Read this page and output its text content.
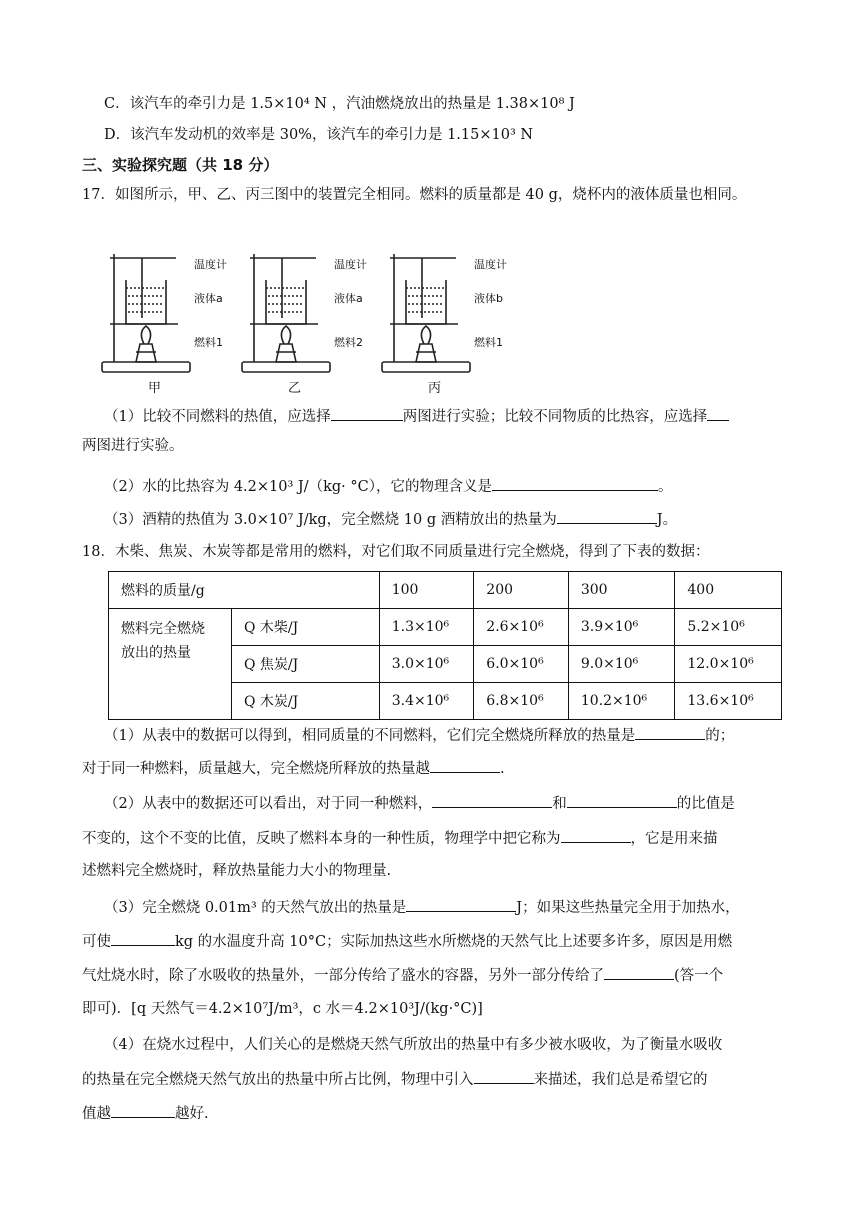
C．该汽车的牵引力是 1.5×10⁴ N ，汽油燃烧放出的热量是 1.38×10⁸ J
D．该汽车发动机的效率是 30%，该汽车的牵引力是 1.15×10³ N
三、实验探究题（共 18 分）
17．如图所示，甲、乙、丙三图中的装置完全相同。燃料的质量都是 40 g，烧杯内的液体质量也相同。
温度计
液体a
燃料1
温度计
液体a
燃料2
温度计
液体b
燃料1
甲	乙	丙
（1）比较不同燃料的热值，应选择	两图进行实验；比较不同物质的比热容，应选择
两图进行实验。
（2）水的比热容为 4.2×10³ J/（kg· °C），它的物理含义是	。
（3）酒精的热值为 3.0×10⁷ J/kg，完全燃烧 10 g 酒精放出的热量为	J。
18．木柴、焦炭、木炭等都是常用的燃料，对它们取不同质量进行完全燃烧，得到了下表的数据：
燃料的质量/g		100	200	300	400

燃料完全燃烧
放出的热量	Q 木柴/J	1.3×10⁶	2.6×10⁶	3.9×10⁶	5.2×10⁶
	Q 焦炭/J	3.0×10⁶	6.0×10⁶	9.0×10⁶	12.0×10⁶
	Q 木炭/J	3.4×10⁶	6.8×10⁶	10.2×10⁶	13.6×10⁶
（1）从表中的数据可以得到，相同质量的不同燃料，它们完全燃烧所释放的热量是	的；
对于同一种燃料，质量越大，完全燃烧所释放的热量越	.
（2）从表中的数据还可以看出，对于同一种燃料，	和	的比值是
不变的，这个不变的比值，反映了燃料本身的一种性质，物理学中把它称为	，它是用来描
述燃料完全燃烧时，释放热量能力大小的物理量.
（3）完全燃烧 0.01m³ 的天然气放出的热量是	J；如果这些热量完全用于加热水，
可使	kg 的水温度升高 10°C；实际加热这些水所燃烧的天然气比上述要多许多，原因是用燃
气灶烧水时，除了水吸收的热量外，一部分传给了盛水的容器，另外一部分传给了	(答一个
即可)．[q 天然气＝4.2×10⁷J/m³，c 水＝4.2×10³J/(kg·°C)]
（4）在烧水过程中，人们关心的是燃烧天然气所放出的热量中有多少被水吸收，为了衡量水吸收
的热量在完全燃烧天然气放出的热量中所占比例，物理中引入	来描述，我们总是希望它的
值越	越好.
